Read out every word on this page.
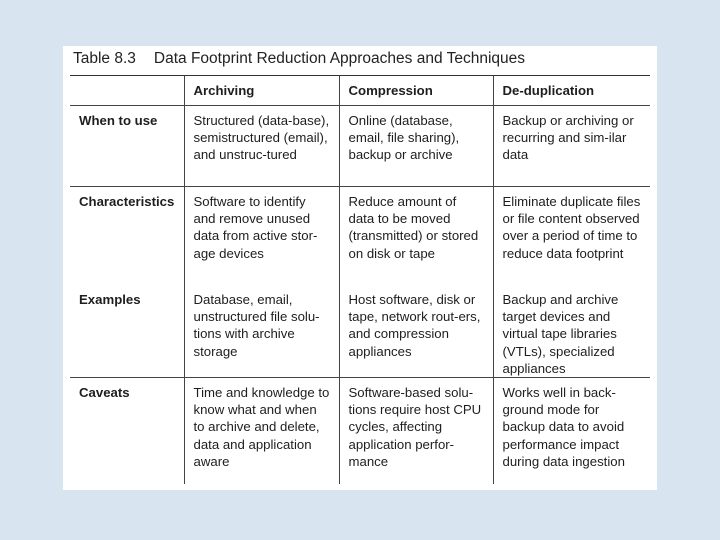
Table 8.3 Data Footprint Reduction Approaches and Techniques
	Archiving	Compression	De-duplication
When to use	Structured (data-base), semistructured (email), and unstruc-tured	Online (database, email, file sharing), backup or archive	Backup or archiving or recurring and sim-ilar data
Characteristics	Software to identify and remove unused data from active stor-age devices	Reduce amount of data to be moved (transmitted) or stored on disk or tape	Eliminate duplicate files or file content observed over a period of time to reduce data footprint
Examples	Database, email, unstructured file solu-tions with archive storage	Host software, disk or tape, network rout-ers, and compression appliances	Backup and archive target devices and virtual tape libraries (VTLs), specialized appliances
Caveats	Time and knowledge to know what and when to archive and delete, data and application aware	Software-based solu-tions require host CPU cycles, affecting application perfor-mance	Works well in back-ground mode for backup data to avoid performance impact during data ingestion
